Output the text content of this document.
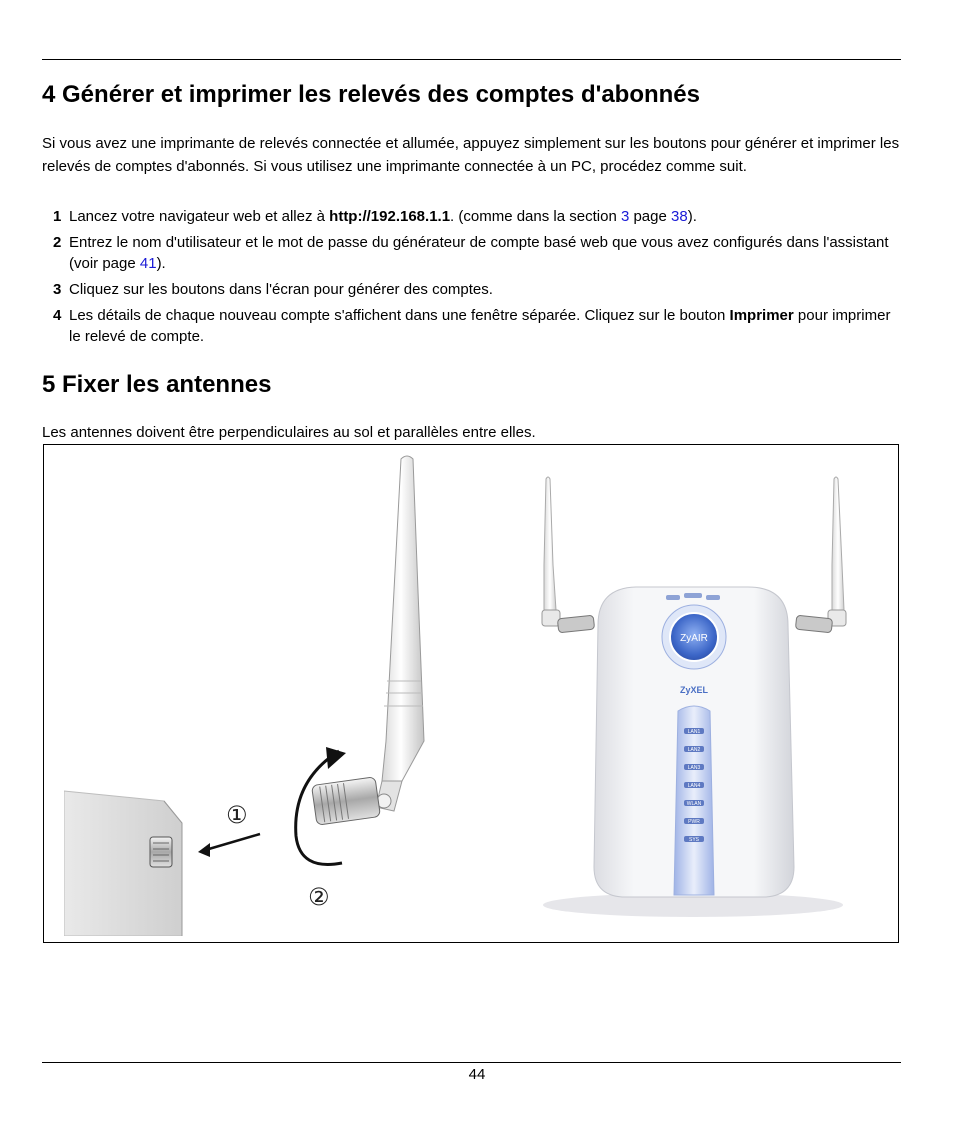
4 Générer et imprimer les relevés des comptes d'abonnés

Si vous avez une imprimante de relevés connectée et allumée, appuyez simplement sur les boutons pour générer et imprimer les relevés de comptes d'abonnés. Si vous utilisez une imprimante connectée à un PC, procédez comme suit.

1 Lancez votre navigateur web et allez à http://192.168.1.1. (comme dans la section 3 page 38).
2 Entrez le nom d'utilisateur et le mot de passe du générateur de compte basé web que vous avez configurés dans l'assistant (voir page 41).
3 Cliquez sur les boutons dans l'écran pour générer des comptes.
4 Les détails de chaque nouveau compte s'affichent dans une fenêtre séparée. Cliquez sur le bouton Imprimer pour imprimer le relevé de compte.
5 Fixer les antennes

Les antennes doivent être perpendiculaires au sol et parallèles entre elles.

①
②
ZyAIR
ZyXEL
LAN1
LAN2
LAN3
LAN4
WLAN
PWR
SYS
44
